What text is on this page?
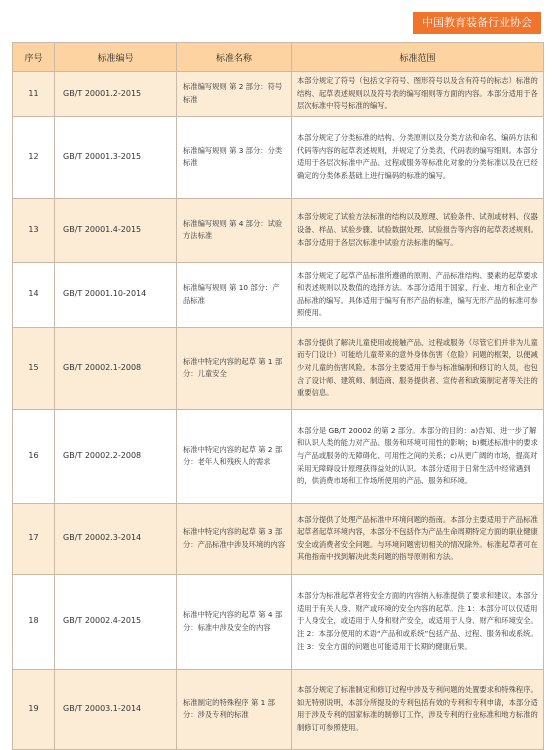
中国教育装备行业协会
序号	标准编号	标准名称	标准范围
11	GB/T 20001.2-2015	标准编写规则 第 2 部分：符号标准	本部分规定了符号（包括文字符号、图形符号以及含有符号的标志）标准的结构、起草表述规则以及符号表的编写细则等方面的内容。本部分适用于各层次标准中符号标准的编写。
12	GB/T 20001.3-2015	标准编写规则 第 3 部分：分类标准	本部分规定了分类标准的结构、分类原则以及分类方法和命名、编码方法和代码等内容的起草表述规则，并规定了分类表、代码表的编写细则。本部分适用于各层次标准中产品、过程或服务等标准化对象的分类标准以及在已经确定的分类体系基础上进行编码的标准的编写。
13	GB/T 20001.4-2015	标准编写规则 第 4 部分：试验方法标准	本部分规定了试验方法标准的结构以及原理、试验条件、试剂或材料、仪器设备、样品、试验步骤、试验数据处理、试验报告等内容的起草表述规则。本部分适用于各层次标准中试验方法标准的编写。
14	GB/T 20001.10-2014	标准编写规则 第 10 部分：产品标准	本部分规定了起草产品标准所遵循的原则、产品标准结构、要素的起草要求和表述规则以及数值的选择方法。本部分适用于国家、行业、地方和企业产品标准的编写。具体适用于编写有形产品的标准，编写无形产品的标准可参照使用。
15	GB/T 20002.1-2008	标准中特定内容的起草 第 1 部分：儿童安全	本部分提供了解决儿童使用或接触产品、过程或服务（尽管它们并非为儿童而专门设计）可能给儿童带来的意外身体伤害（危险）问题的框架，以便减少对儿童的伤害风险。本部分主要适用于参与标准编制和修订的人员，也包含了设计师、建筑师、制造商、服务提供者、宣传者和政策制定者等关注的重要信息。
16	GB/T 20002.2-2008	标准中特定内容的起草 第 2 部分：老年人和残疾人的需求	本部分是 GB/T 20002 的第 2 部分。本部分的目的：a)告知、进一步了解和认识人类的能力对产品、服务和环境可用性的影响；b)概述标准中的要求与产品或服务的无障碍化、可用性之间的关系；c)从更广阔的市场，提高对采用无障碍设计原理获得益处的认识。本部分适用于日常生活中经常遇到的，供消费市场和工作场所使用的产品、服务和环境。
17	GB/T 20002.3-2014	标准中特定内容的起草 第 3 部分：产品标准中涉及环境的内容	本部分提供了处理产品标准中环境问题的指南。本部分主要适用于产品标准起草者起草环境内容，本部分不包括作为产品生命周期特定方面的职业健康安全或消费者安全问题。与环境问题密切相关的情况除外。标准起草者可在其他指南中找到解决此类问题的指导原则和方法。
18	GB/T 20002.4-2015	标准中特定内容的起草 第 4 部分：标准中涉及安全的内容	本部分为标准起草者将安全方面的内容纳入标准提供了要求和建议。本部分适用于有关人身、财产或环境的安全内容的起草。注 1：本部分可以仅适用于人身安全，或适用于人身和财产安全，或适用于人身、财产和环境安全。注 2：本部分使用的术语“产品和或系统”包括产品、过程、服务和或系统。注 3：安全方面的问题也可能适用于长期的健康后果。
19	GB/T 20003.1-2014	标准制定的特殊程序 第 1 部分：涉及专利的标准	本部分规定了标准制定和修订过程中涉及专利问题的处置要求和特殊程序。如无特别说明，本部分所提及的专利包括有效的专利和专利申请，本部分适用于涉及专利的国家标准的制修订工作，涉及专利的行业标准和地方标准的制修订可参照使用。
